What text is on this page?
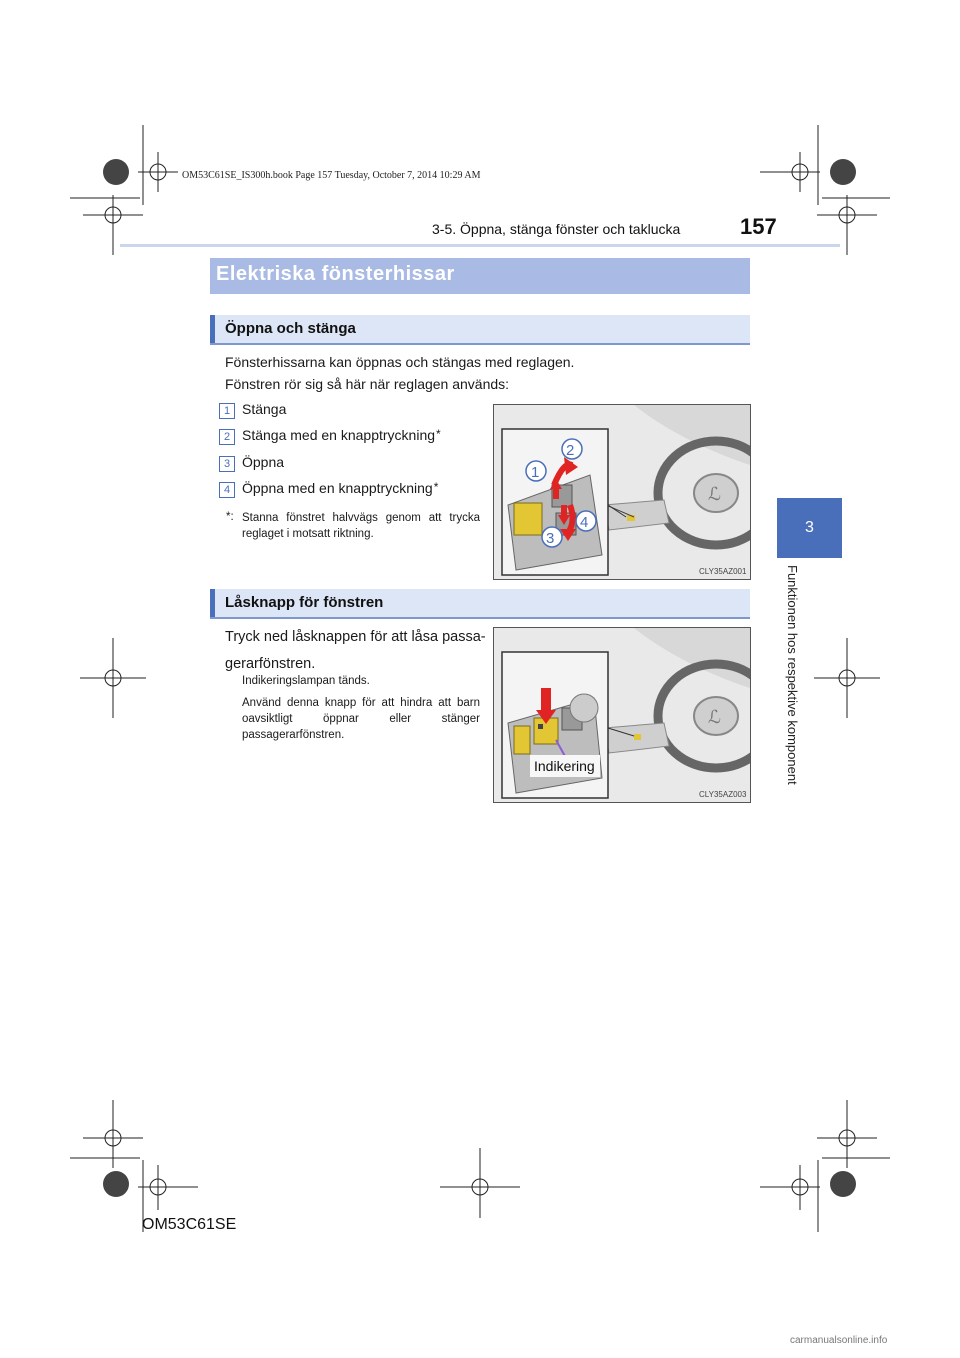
OM53C61SE_IS300h.book Page 157 Tuesday, October 7, 2014 10:29 AM
3-5. Öppna, stänga fönster och taklucka	157
3
Funktionen hos respektive komponent
Elektriska fönsterhissar
Öppna och stänga
Fönsterhissarna kan öppnas och stängas med reglagen.
Fönstren rör sig så här när reglagen används:
1 Stänga
2 Stänga med en knapptryckning*
3 Öppna
4 Öppna med en knapptryckning*
*: Stanna fönstret halvvägs genom att trycka reglaget i motsatt riktning.
ℒ
2
1
3
4
CLY35AZ001
Låsknapp för fönstren
Tryck ned låsknappen för att låsa passa-
gerarfönstren.
Indikeringslampan tänds.
Använd denna knapp för att hindra att barn oavsiktligt öppnar eller stänger passagerarfönstren.
ℒ
Indikering
CLY35AZ003
OM53C61SE
carmanualsonline.info
